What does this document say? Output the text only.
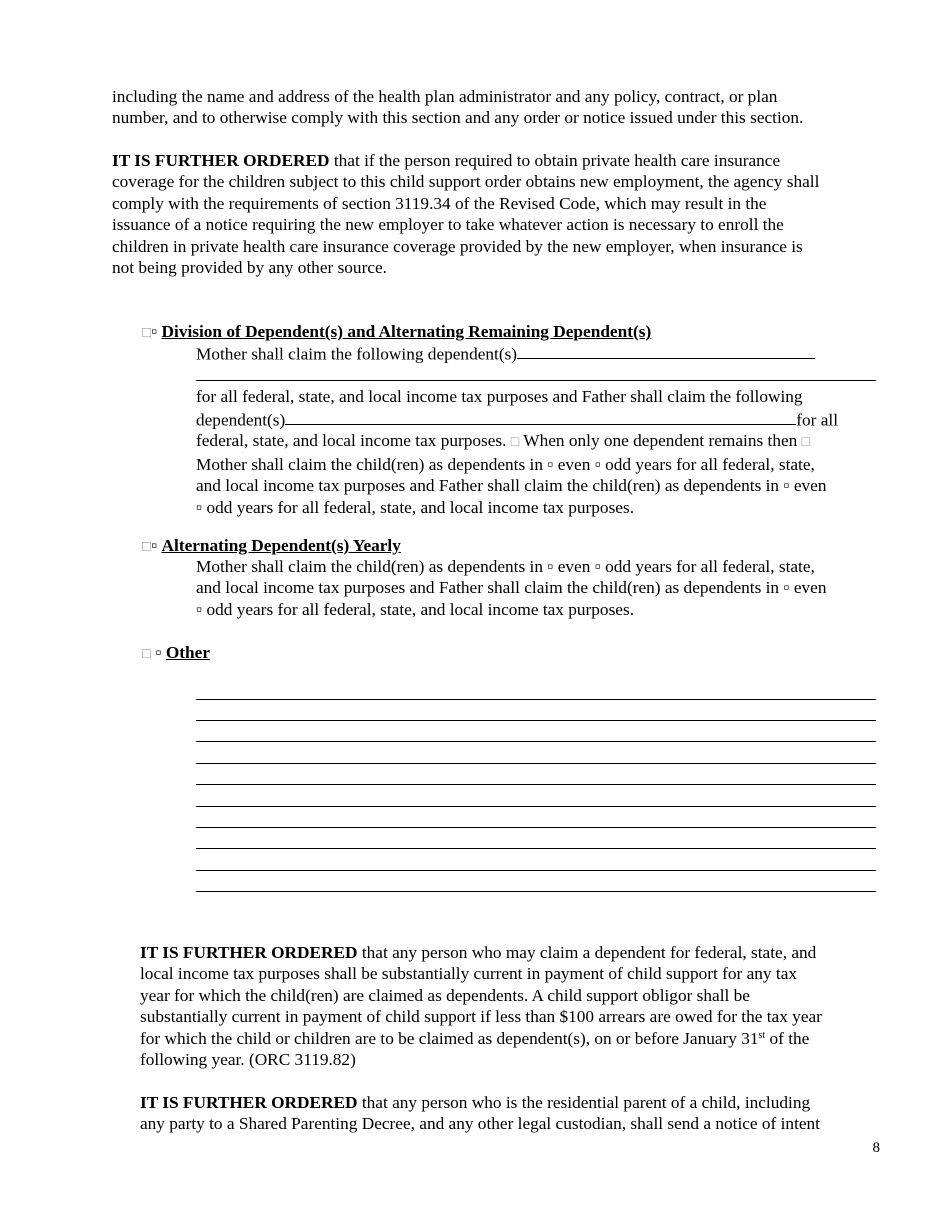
including the name and address of the health plan administrator and any policy, contract, or plan
number, and to otherwise comply with this section and any order or notice issued under this section.
IT IS FURTHER ORDERED that if the person required to obtain private health care insurance
coverage for the children subject to this child support order obtains new employment, the agency shall
comply with the requirements of section 3119.34 of the Revised Code, which may result in the
issuance of a notice requiring the new employer to take whatever action is necessary to enroll the
children in private health care insurance coverage provided by the new employer, when insurance is
not being provided by any other source.
□▫ Division of Dependent(s) and Alternating Remaining Dependent(s)
Mother shall claim the following dependent(s)
for all federal, state, and local income tax purposes and Father shall claim the following
dependent(s)	for all
federal, state, and local income tax purposes. □ When only one dependent remains then □
Mother shall claim the child(ren) as dependents in ▫ even ▫ odd years for all federal, state,
and local income tax purposes and Father shall claim the child(ren) as dependents in ▫ even
▫ odd years for all federal, state, and local income tax purposes.
□▫ Alternating Dependent(s) Yearly
Mother shall claim the child(ren) as dependents in ▫ even ▫ odd years for all federal, state,
and local income tax purposes and Father shall claim the child(ren) as dependents in ▫ even
▫ odd years for all federal, state, and local income tax purposes.
□ ▫ Other
IT IS FURTHER ORDERED that any person who may claim a dependent for federal, state, and
local income tax purposes shall be substantially current in payment of child support for any tax
year for which the child(ren) are claimed as dependents. A child support obligor shall be
substantially current in payment of child support if less than $100 arrears are owed for the tax year
for which the child or children are to be claimed as dependent(s), on or before January 31st of the
following year. (ORC 3119.82)
IT IS FURTHER ORDERED that any person who is the residential parent of a child, including
any party to a Shared Parenting Decree, and any other legal custodian, shall send a notice of intent
8
